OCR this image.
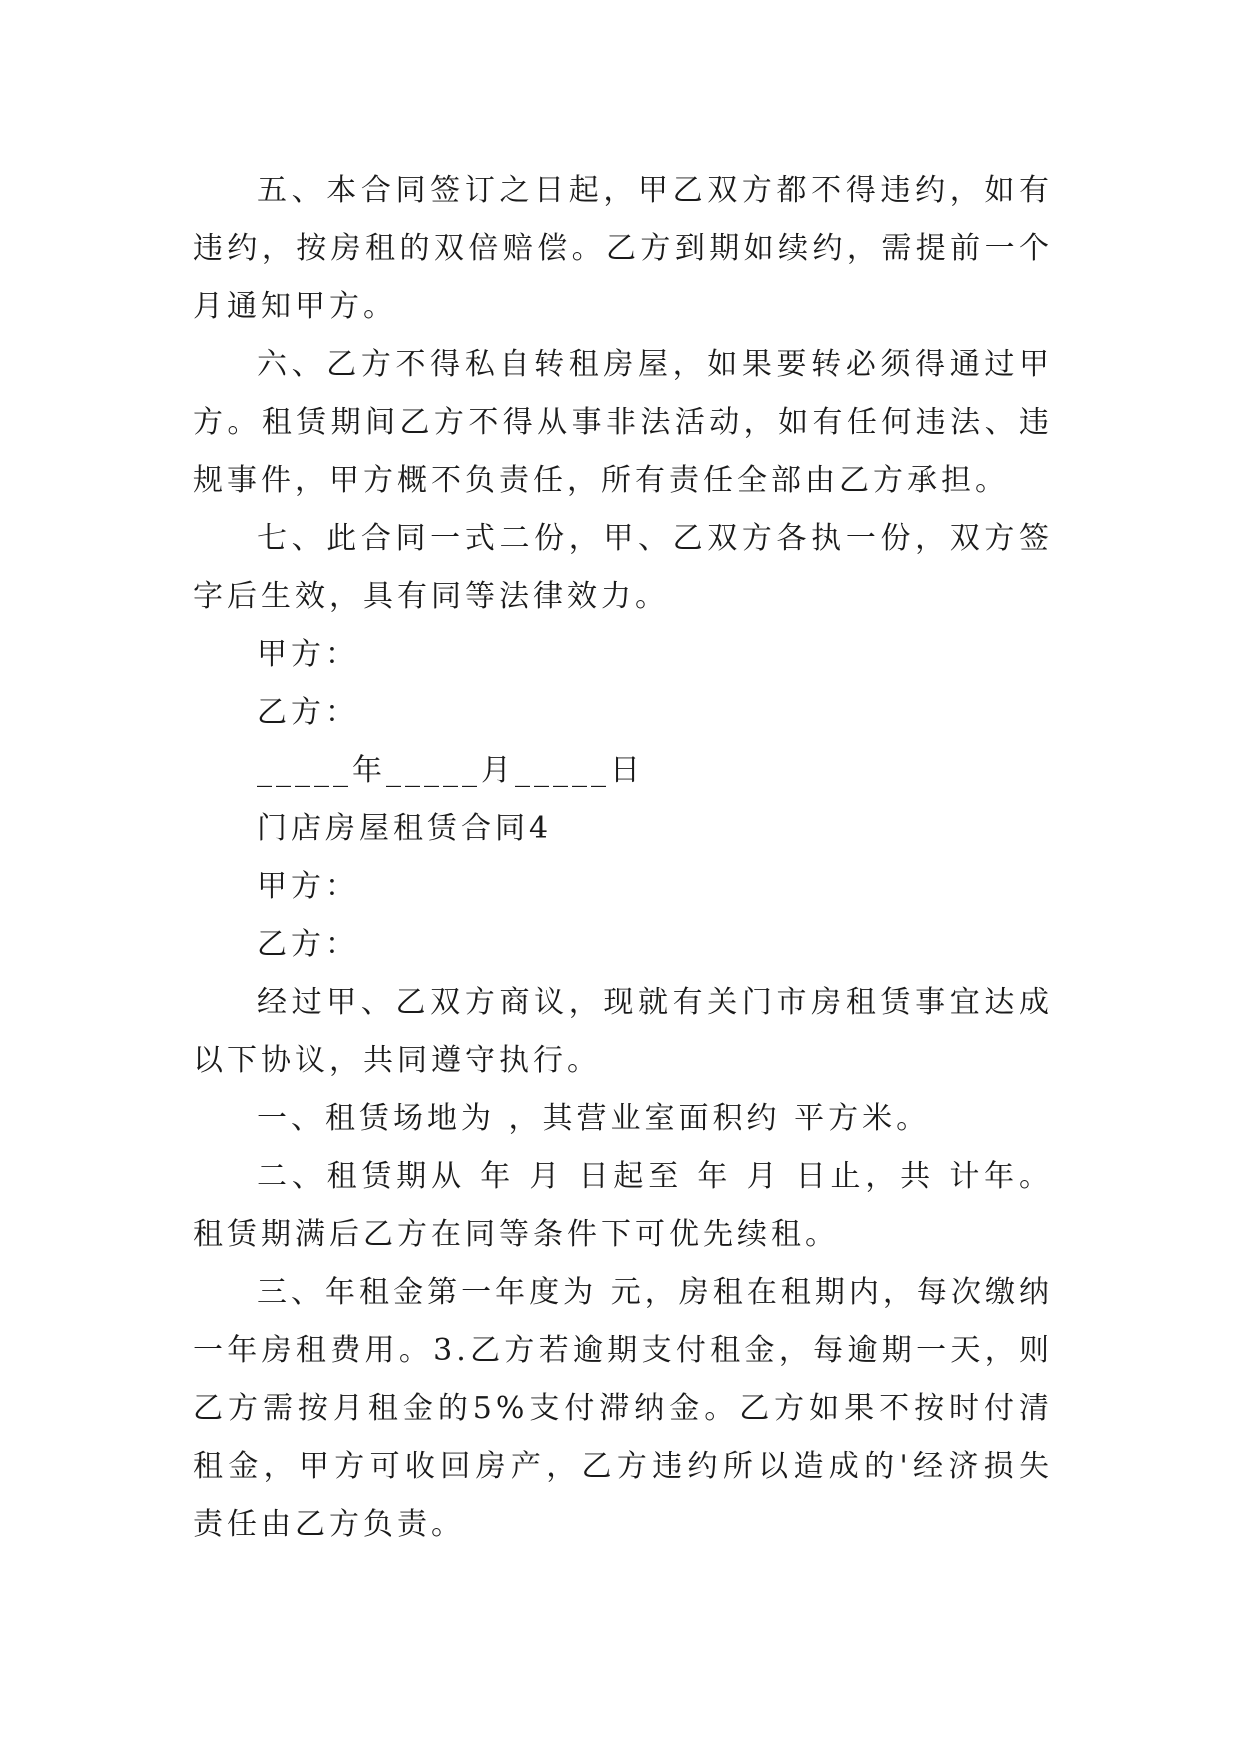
五、本合同签订之日起，甲乙双方都不得违约，如有违约，按房租的双倍赔偿。乙方到期如续约，需提前一个月通知甲方。

六、乙方不得私自转租房屋，如果要转必须得通过甲方。租赁期间乙方不得从事非法活动，如有任何违法、违规事件，甲方概不负责任，所有责任全部由乙方承担。

七、此合同一式二份，甲、乙双方各执一份，双方签字后生效，具有同等法律效力。

甲方：

乙方：

_____年_____月_____日

门店房屋租赁合同4

甲方：

乙方：

经过甲、乙双方商议，现就有关门市房租赁事宜达成以下协议，共同遵守执行。

一、租赁场地为 ，其营业室面积约 平方米。

二、租赁期从 年 月 日起至 年 月 日止，共 计年。租赁期满后乙方在同等条件下可优先续租。

三、年租金第一年度为 元，房租在租期内，每次缴纳一年房租费用。3.乙方若逾期支付租金，每逾期一天，则乙方需按月租金的5%支付滞纳金。乙方如果不按时付清租金，甲方可收回房产，乙方违约所以造成的'经济损失责任由乙方负责。
